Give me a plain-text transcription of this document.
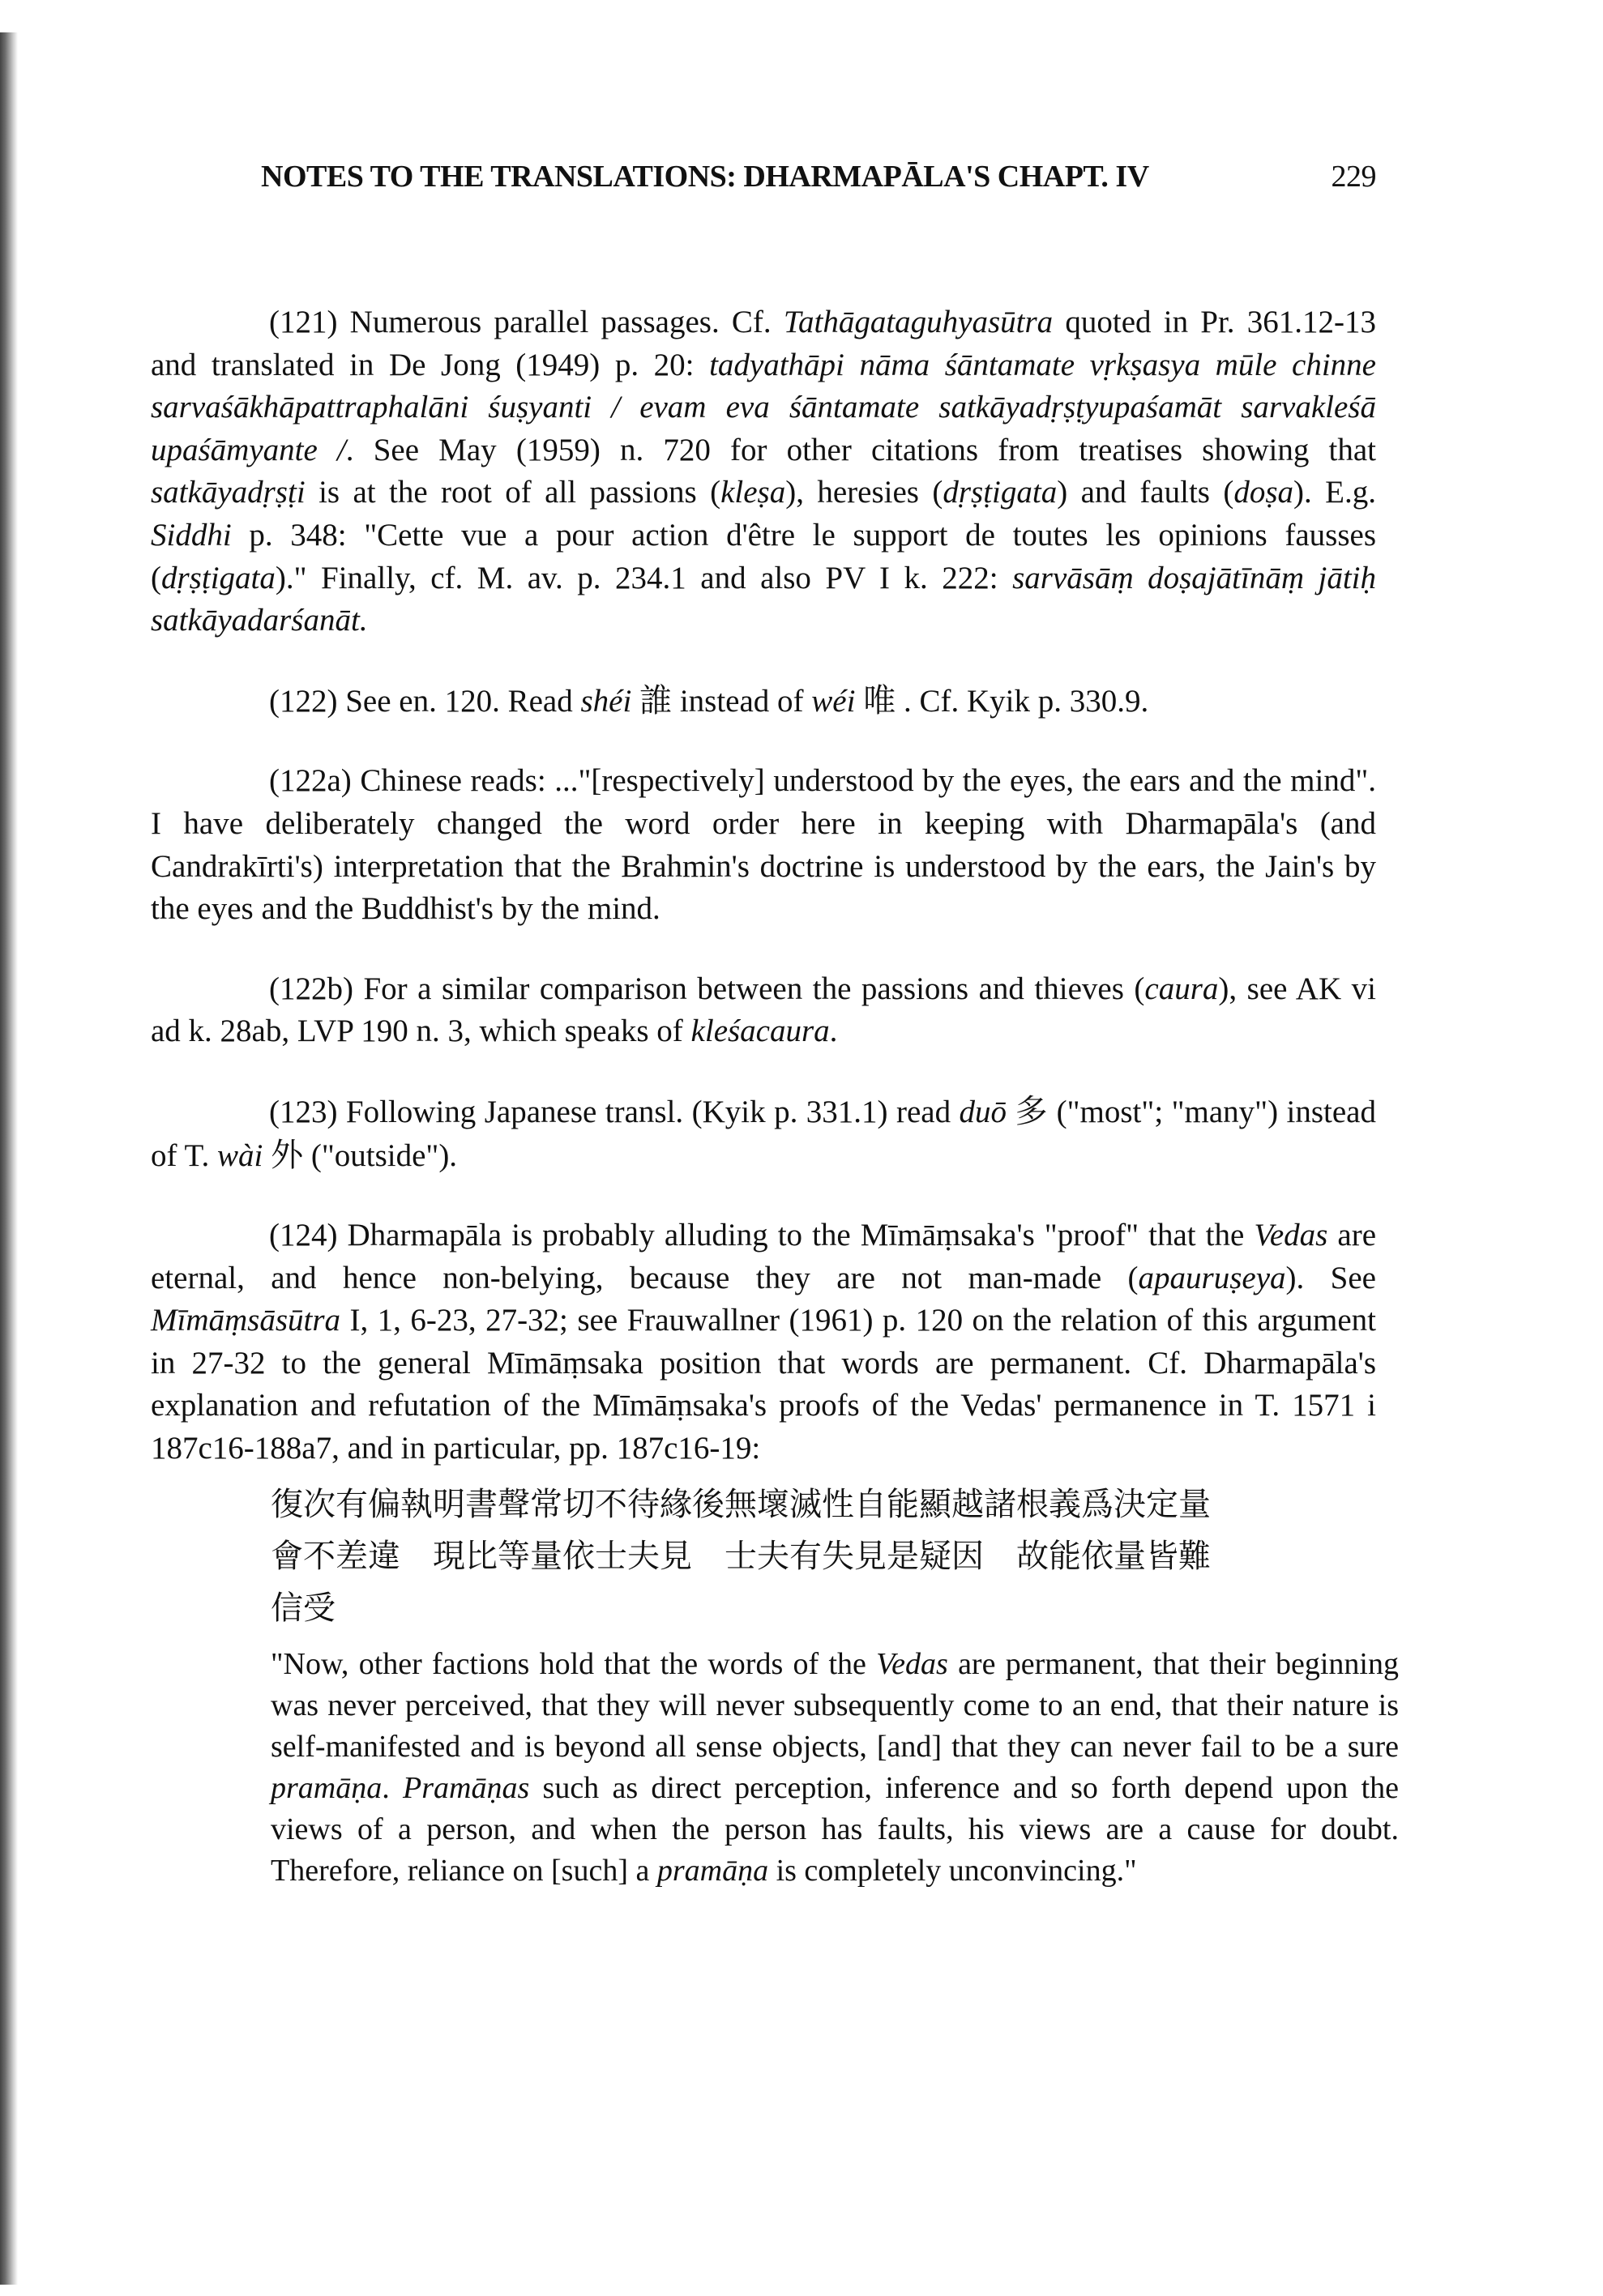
NOTES TO THE TRANSLATIONS: DHARMAPĀLA'S CHAPT. IV	229

(121) Numerous parallel passages. Cf. Tathāgataguhyasūtra quoted in Pr. 361.12-13 and translated in De Jong (1949) p. 20: tadyathāpi nāma śāntamate vṛkṣasya mūle chinne sarvaśākhāpattraphalāni śuṣyanti / evam eva śāntamate satkāyadṛṣṭyupaśamāt sarvakleśā upaśāmyante /. See May (1959) n. 720 for other citations from treatises showing that satkāyadṛṣṭi is at the root of all passions (kleṣa), heresies (dṛṣṭigata) and faults (doṣa). E.g. Siddhi p. 348: "Cette vue a pour action d'être le support de toutes les opinions fausses (dṛṣṭigata)." Finally, cf. M. av. p. 234.1 and also PV I k. 222: sarvāsāṃ doṣajātīnāṃ jātiḥ satkāyadarśanāt.

(122) See en. 120. Read shéi 誰 instead of wéi 唯 . Cf. Kyik p. 330.9.

(122a) Chinese reads: ..."[respectively] understood by the eyes, the ears and the mind". I have deliberately changed the word order here in keeping with Dharmapāla's (and Candrakīrti's) interpretation that the Brahmin's doctrine is understood by the ears, the Jain's by the eyes and the Buddhist's by the mind.

(122b) For a similar comparison between the passions and thieves (caura), see AK vi ad k. 28ab, LVP 190 n. 3, which speaks of kleśacaura.

(123) Following Japanese transl. (Kyik p. 331.1) read duō 多 ("most"; "many") instead of T. wài 外 ("outside").

(124) Dharmapāla is probably alluding to the Mīmāṃsaka's "proof" that the Vedas are eternal, and hence non-belying, because they are not man-made (apauruṣeya). See Mīmāṃsāsūtra I, 1, 6-23, 27-32; see Frauwallner (1961) p. 120 on the relation of this argument in 27-32 to the general Mīmāṃsaka position that words are permanent. Cf. Dharmapāla's explanation and refutation of the Mīmāṃsaka's proofs of the Vedas' permanence in T. 1571 i 187c16-188a7, and in particular, pp. 187c16-19:

復次有偏執明書聲常切不待緣後無壞滅性自能顯越諸根義爲決定量
會不差違　現比等量依士夫見　士夫有失見是疑因　故能依量皆難
信受

"Now, other factions hold that the words of the Vedas are permanent, that their beginning was never perceived, that they will never subsequently come to an end, that their nature is self-manifested and is beyond all sense objects, [and] that they can never fail to be a sure pramāṇa. Pramāṇas such as direct perception, inference and so forth depend upon the views of a person, and when the person has faults, his views are a cause for doubt. Therefore, reliance on [such] a pramāṇa is completely unconvincing."
